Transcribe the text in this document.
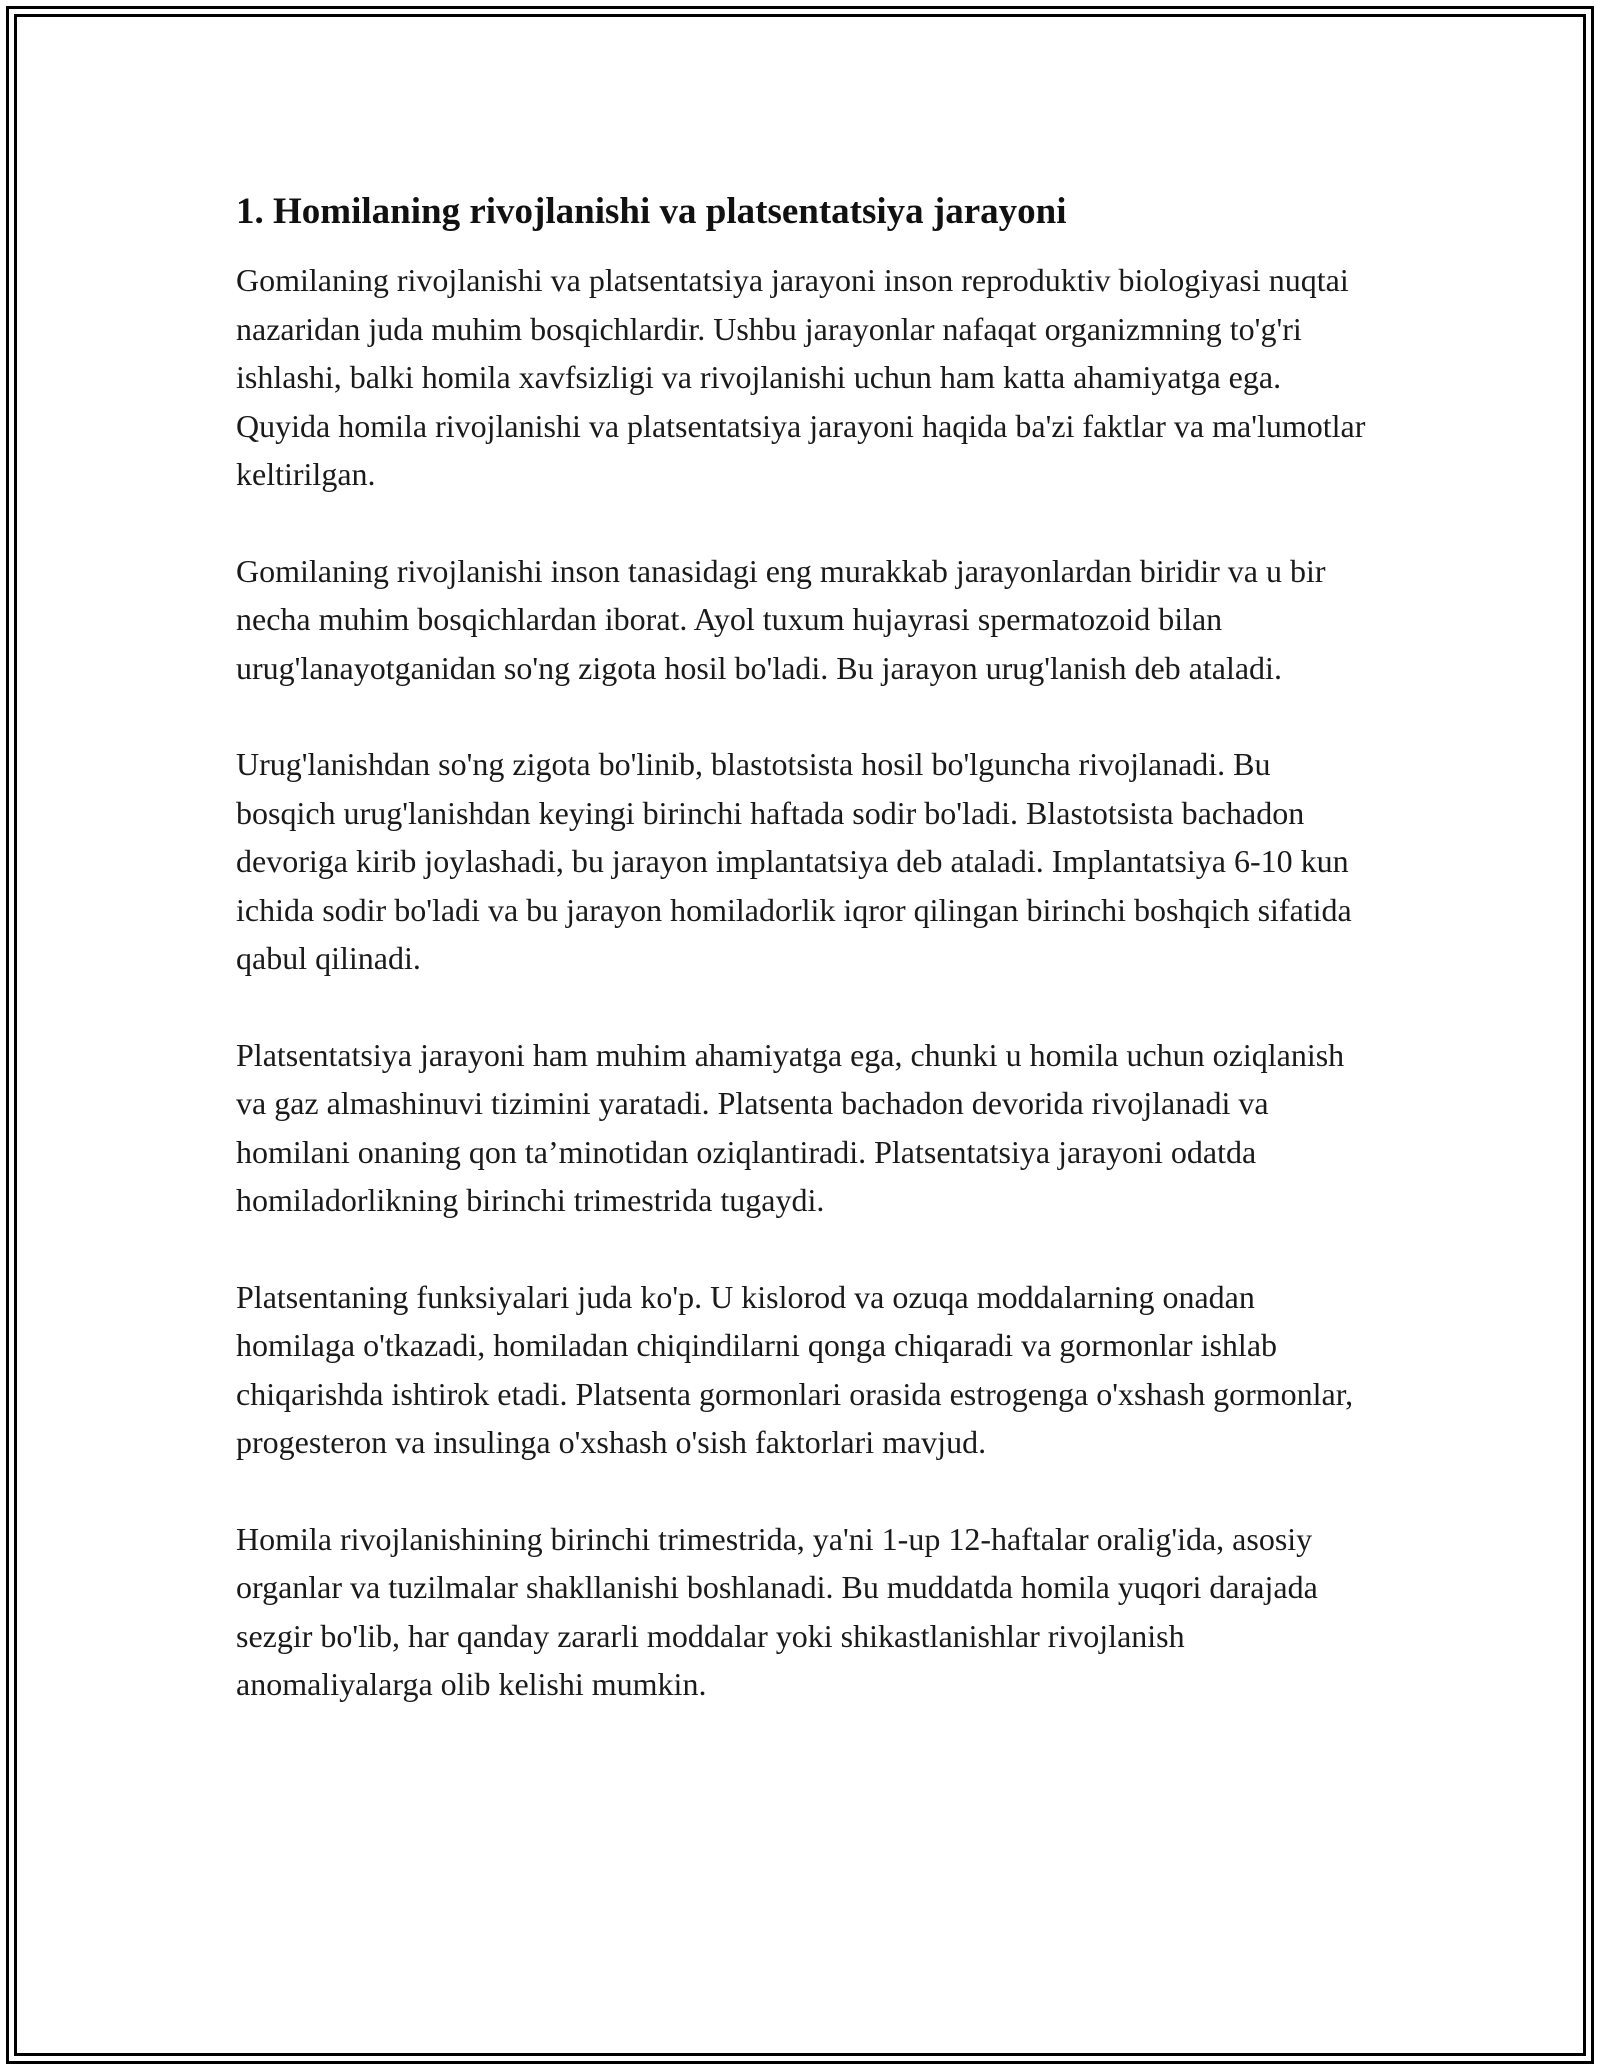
1. Homilaning rivojlanishi va platsentatsiya jarayoni

Gomilaning rivojlanishi va platsentatsiya jarayoni inson reproduktiv biologiyasi nuqtai nazaridan juda muhim bosqichlardir. Ushbu jarayonlar nafaqat organizmning to'g'ri ishlashi, balki homila xavfsizligi va rivojlanishi uchun ham katta ahamiyatga ega. Quyida homila rivojlanishi va platsentatsiya jarayoni haqida ba'zi faktlar va ma'lumotlar keltirilgan.

Gomilaning rivojlanishi inson tanasidagi eng murakkab jarayonlardan biridir va u bir necha muhim bosqichlardan iborat. Ayol tuxum hujayrasi spermatozoid bilan urug'lanayotganidan so'ng zigota hosil bo'ladi. Bu jarayon urug'lanish deb ataladi.

Urug'lanishdan so'ng zigota bo'linib, blastotsista hosil bo'lguncha rivojlanadi. Bu bosqich urug'lanishdan keyingi birinchi haftada sodir bo'ladi. Blastotsista bachadon devoriga kirib joylashadi, bu jarayon implantatsiya deb ataladi. Implantatsiya 6-10 kun ichida sodir bo'ladi va bu jarayon homiladorlik iqror qilingan birinchi boshqich sifatida qabul qilinadi.

Platsentatsiya jarayoni ham muhim ahamiyatga ega, chunki u homila uchun oziqlanish va gaz almashinuvi tizimini yaratadi. Platsenta bachadon devorida rivojlanadi va homilani onaning qon ta’minotidan oziqlantiradi. Platsentatsiya jarayoni odatda homiladorlikning birinchi trimestrida tugaydi.

Platsentaning funksiyalari juda ko'p. U kislorod va ozuqa moddalarning onadan homilaga o'tkazadi, homiladan chiqindilarni qonga chiqaradi va gormonlar ishlab chiqarishda ishtirok etadi. Platsenta gormonlari orasida estrogenga o'xshash gormonlar, progesteron va insulinga o'xshash o'sish faktorlari mavjud.

Homila rivojlanishining birinchi trimestrida, ya'ni 1-up 12-haftalar oralig'ida, asosiy organlar va tuzilmalar shakllanishi boshlanadi. Bu muddatda homila yuqori darajada sezgir bo'lib, har qanday zararli moddalar yoki shikastlanishlar rivojlanish anomaliyalarga olib kelishi mumkin.
